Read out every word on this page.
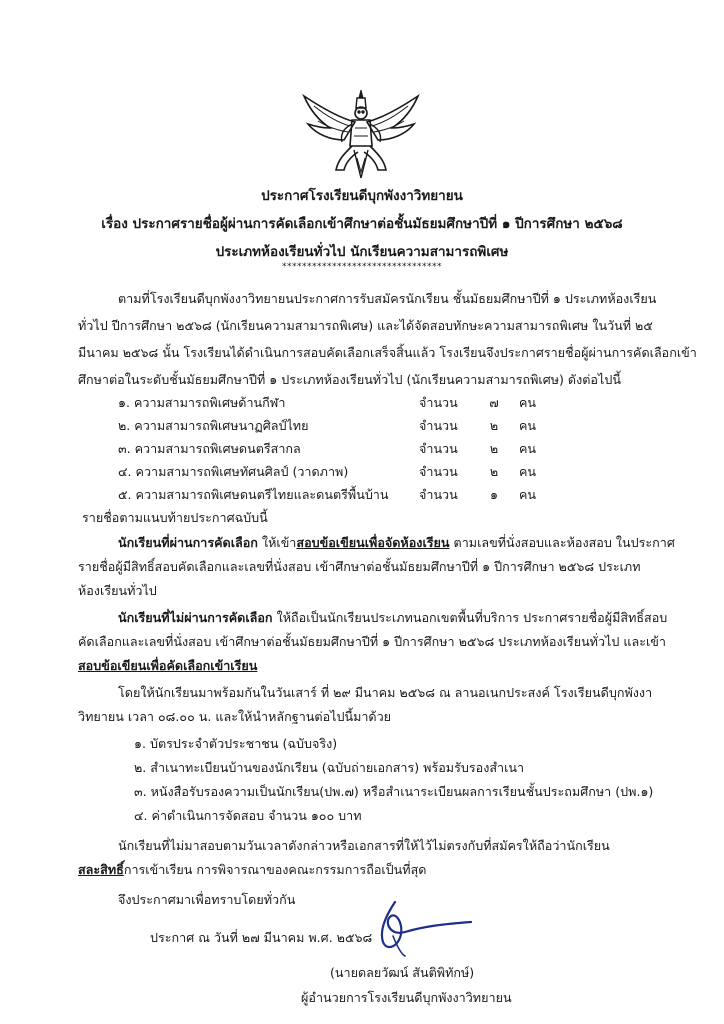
ประกาศโรงเรียนดีบุกพังงาวิทยายน
เรื่อง ประกาศรายชื่อผู้ผ่านการคัดเลือกเข้าศึกษาต่อชั้นมัธยมศึกษาปีที่ ๑ ปีการศึกษา ๒๕๖๘
ประเภทห้องเรียนทั่วไป นักเรียนความสามารถพิเศษ
********************************
ตามที่โรงเรียนดีบุกพังงาวิทยายนประกาศการรับสมัครนักเรียน ชั้นมัธยมศึกษาปีที่ ๑ ประเภทห้องเรียน
ทั่วไป ปีการศึกษา ๒๕๖๘ (นักเรียนความสามารถพิเศษ) และได้จัดสอบทักษะความสามารถพิเศษ ในวันที่ ๒๕
มีนาคม ๒๕๖๘ นั้น โรงเรียนได้ดำเนินการสอบคัดเลือกเสร็จสิ้นแล้ว โรงเรียนจึงประกาศรายชื่อผู้ผ่านการคัดเลือกเข้า
ศึกษาต่อในระดับชั้นมัธยมศึกษาปีที่ ๑ ประเภทห้องเรียนทั่วไป (นักเรียนความสามารถพิเศษ) ดังต่อไปนี้
๑. ความสามารถพิเศษด้านกีฬา	จำนวน	๗	คน
๒. ความสามารถพิเศษนาฏศิลป์ไทย	จำนวน	๒	คน
๓. ความสามารถพิเศษดนตรีสากล	จำนวน	๒	คน
๔. ความสามารถพิเศษทัศนศิลป์ (วาดภาพ)	จำนวน	๒	คน
๕. ความสามารถพิเศษดนตรีไทยและดนตรีพื้นบ้าน จำนวน	๑	คน
รายชื่อตามแนบท้ายประกาศฉบับนี้
นักเรียนที่ผ่านการคัดเลือก ให้เข้าสอบข้อเขียนเพื่อจัดห้องเรียน ตามเลขที่นั่งสอบและห้องสอบ ในประกาศ
รายชื่อผู้มีสิทธิ์สอบคัดเลือกและเลขที่นั่งสอบ เข้าศึกษาต่อชั้นมัธยมศึกษาปีที่ ๑ ปีการศึกษา ๒๕๖๘ ประเภท
ห้องเรียนทั่วไป
นักเรียนที่ไม่ผ่านการคัดเลือก ให้ถือเป็นนักเรียนประเภทนอกเขตพื้นที่บริการ ประกาศรายชื่อผู้มีสิทธิ์สอบ
คัดเลือกและเลขที่นั่งสอบ เข้าศึกษาต่อชั้นมัธยมศึกษาปีที่ ๑ ปีการศึกษา ๒๕๖๘ ประเภทห้องเรียนทั่วไป และเข้า
สอบข้อเขียนเพื่อคัดเลือกเข้าเรียน
โดยให้นักเรียนมาพร้อมกันในวันเสาร์ ที่ ๒๙ มีนาคม ๒๕๖๘ ณ ลานอเนกประสงค์ โรงเรียนดีบุกพังงา
วิทยายน เวลา ๐๘.๐๐ น. และให้นำหลักฐานต่อไปนี้มาด้วย
๑. บัตรประจำตัวประชาชน (ฉบับจริง)
๒. สำเนาทะเบียนบ้านของนักเรียน (ฉบับถ่ายเอกสาร) พร้อมรับรองสำเนา
๓. หนังสือรับรองความเป็นนักเรียน(ปพ.๗) หรือสำเนาระเบียนผลการเรียนชั้นประถมศึกษา (ปพ.๑)
๔. ค่าดำเนินการจัดสอบ จำนวน ๑๐๐ บาท
นักเรียนที่ไม่มาสอบตามวันเวลาดังกล่าวหรือเอกสารที่ให้ไว้ไม่ตรงกับที่สมัครให้ถือว่านักเรียน
สละสิทธิ์การเข้าเรียน การพิจารณาของคณะกรรมการถือเป็นที่สุด
จึงประกาศมาเพื่อทราบโดยทั่วกัน
ประกาศ ณ วันที่ ๒๗ มีนาคม พ.ศ. ๒๕๖๘
(นายดลยวัฒน์ สันติพิทักษ์)
ผู้อำนวยการโรงเรียนดีบุกพังงาวิทยายน
